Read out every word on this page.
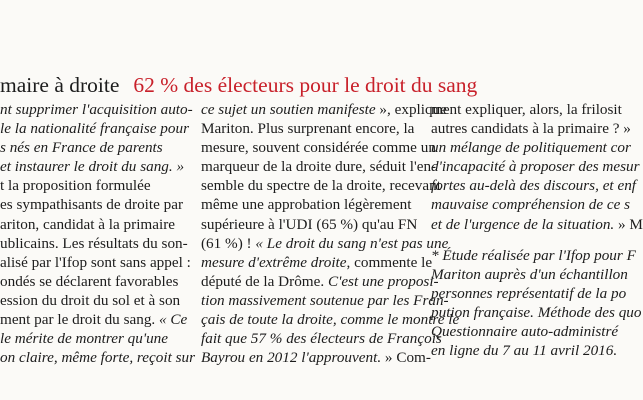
maire à droite 62 % des électeurs pour le droit du sang
nt supprimer l'acquisition auto-
le la nationalité française pour
s nés en France de parents
et instaurer le droit du sang. »
t la proposition formulée
es sympathisants de droite par
ariton, candidat à la primaire
ublicains. Les résultats du son-
alisé par l'Ifop sont sans appel :
ondés se déclarent favorables
ession du droit du sol et à son
ment par le droit du sang. « Ce
le mérite de montrer qu'une
on claire, même forte, reçoit sur
ce sujet un soutien manifeste », explique
Mariton. Plus surprenant encore, la
mesure, souvent considérée comme un
marqueur de la droite dure, séduit l'en-
semble du spectre de la droite, recevant
même une approbation légèrement
supérieure à l'UDI (65 %) qu'au FN
(61 %) ! « Le droit du sang n'est pas une
mesure d'extrême droite, commente le
député de la Drôme. C'est une proposi-
tion massivement soutenue par les Fran-
çais de toute la droite, comme le montre le
fait que 57 % des électeurs de François
Bayrou en 2012 l'approuvent. » Com-
ment expliquer, alors, la frilosit
autres candidats à la primaire ? »
un mélange de politiquement cor
d'incapacité à proposer des mesur
fortes au-delà des discours, et enf
mauvaise compréhension de ce s
et de l'urgence de la situation. » M
* Étude réalisée par l'Ifop pour F
Mariton auprès d'un échantillon
personnes représentatif de la po
pution française. Méthode des quo
Questionnaire auto-administré
en ligne du 7 au 11 avril 2016.
